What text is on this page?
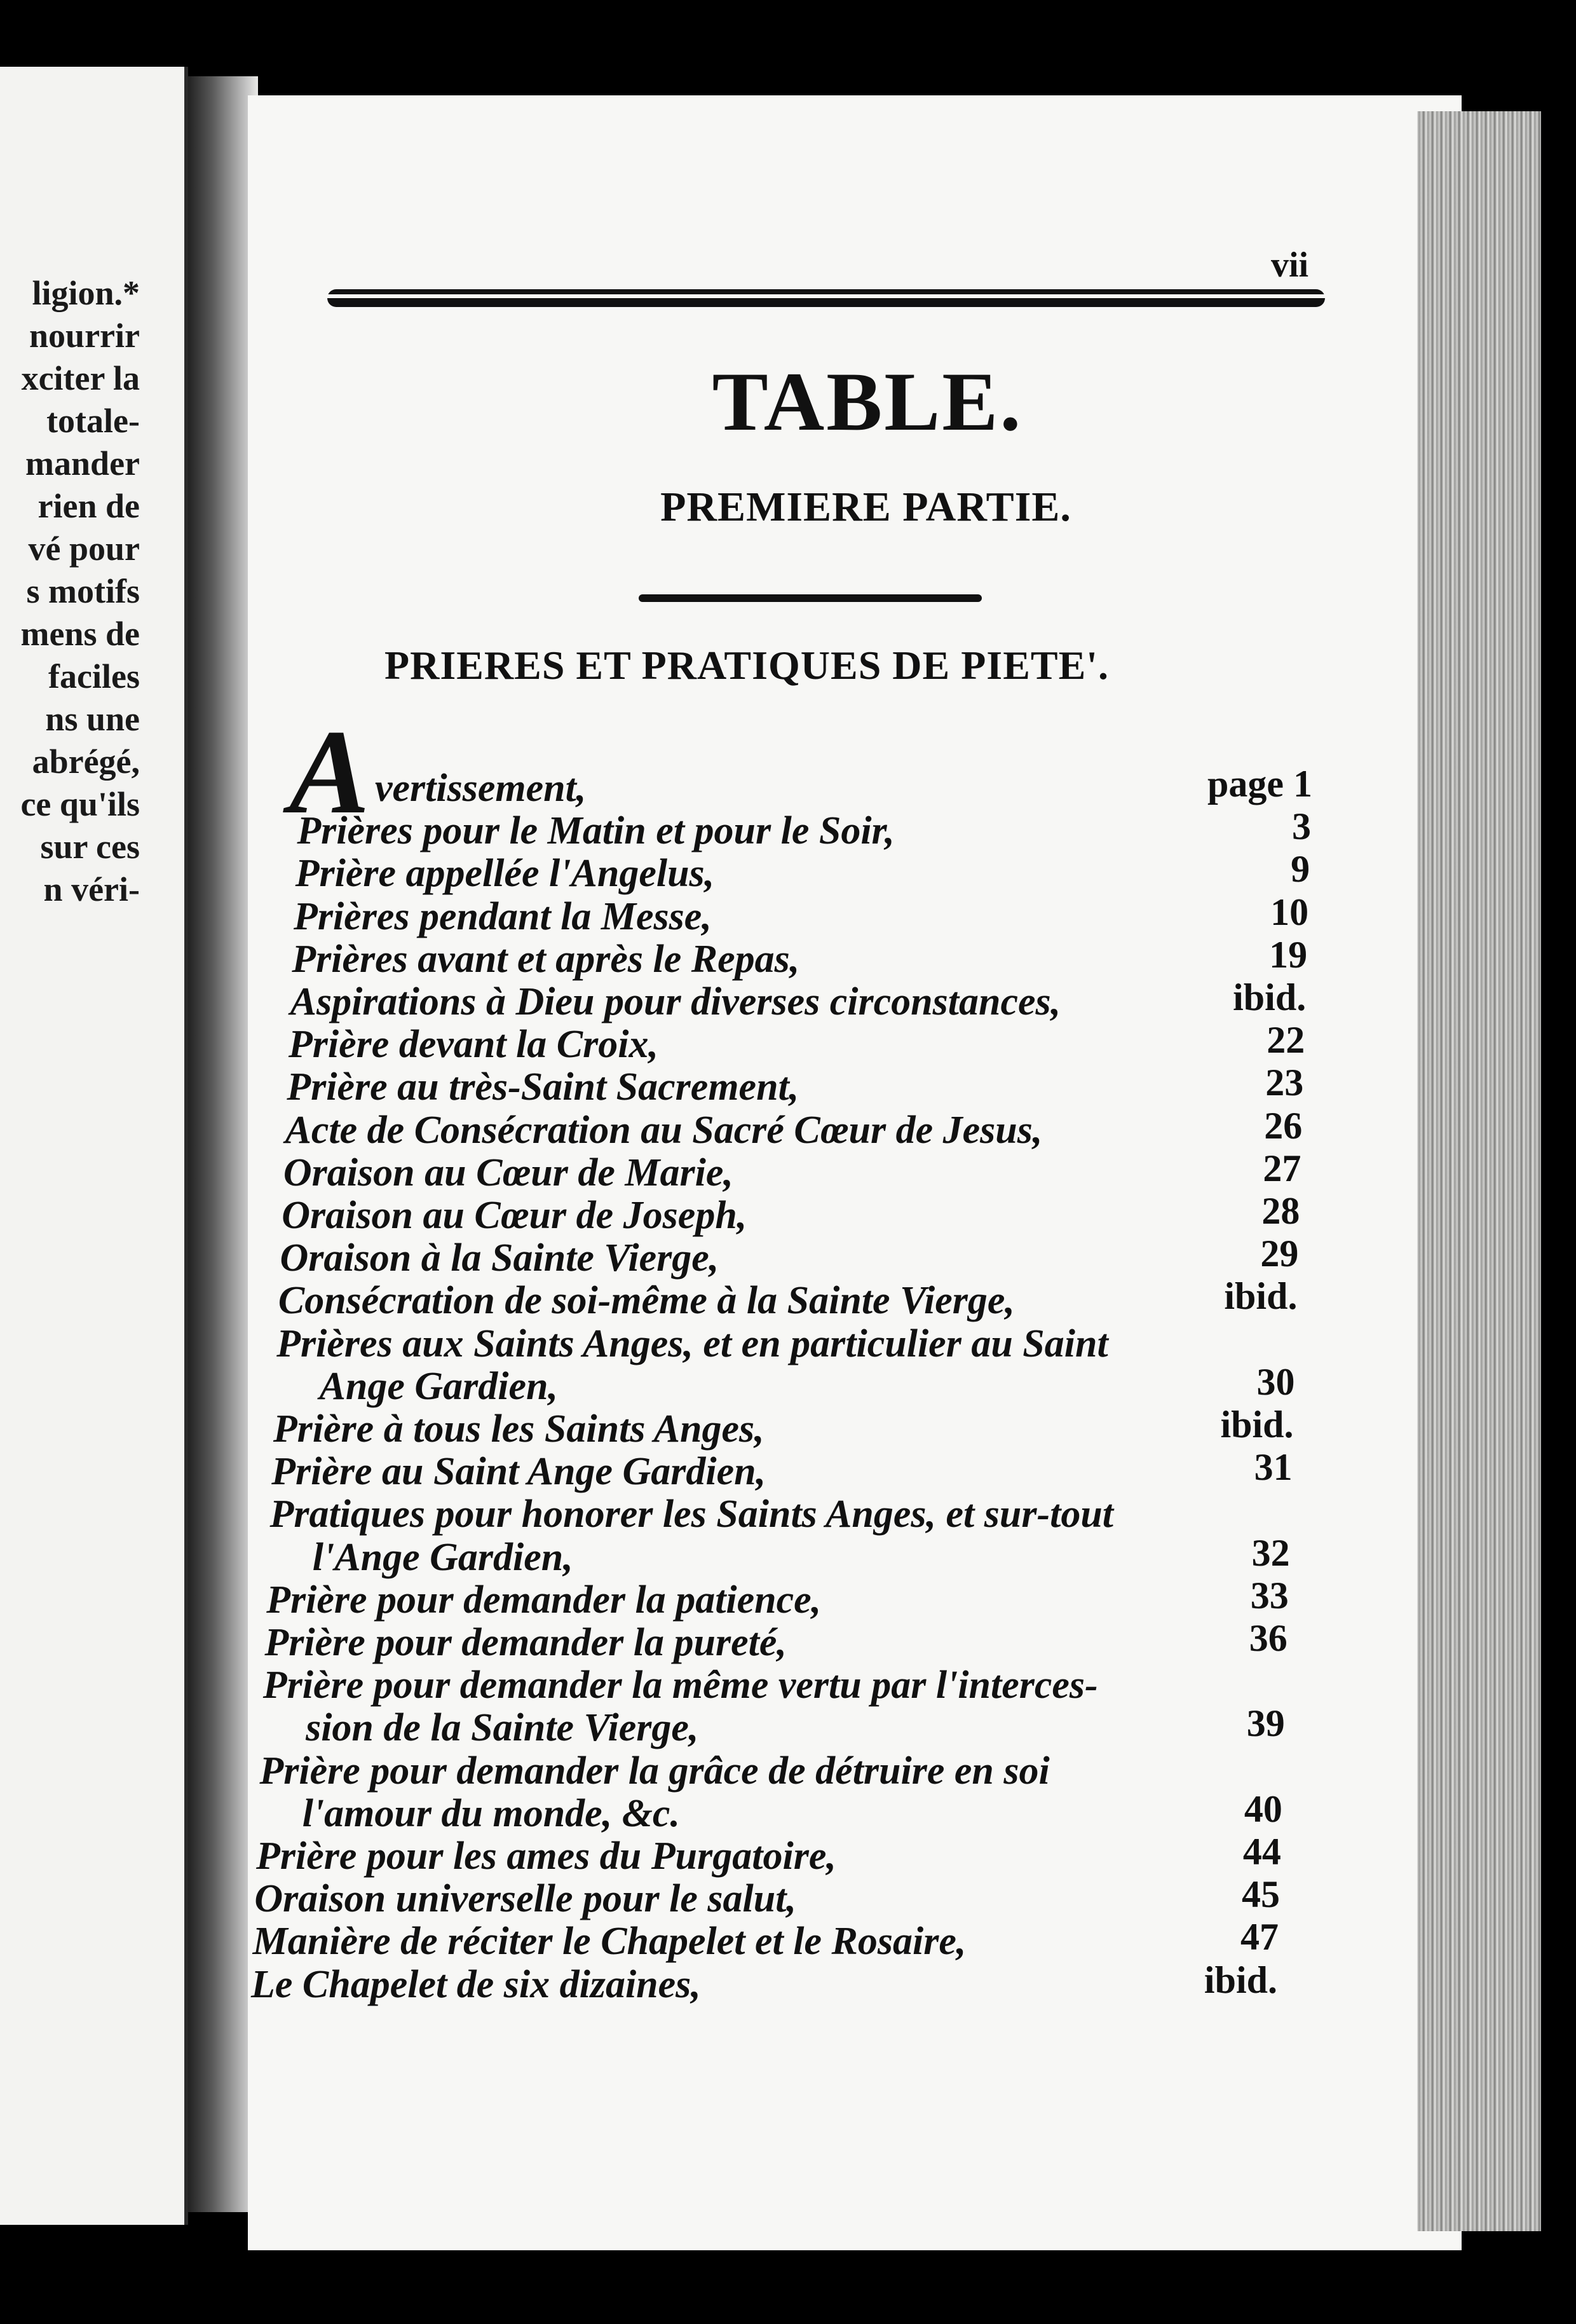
ligion.*
nourrir
xciter la
totale-
mander
rien de
vé pour
s motifs
mens de
faciles
ns une
abrégé,
ce qu'ils
sur ces
n véri-
vii
TABLE.
PREMIERE PARTIE.
PRIERES ET PRATIQUES DE PIETE'.
A vertissement,	page 1
Prières pour le Matin et pour le Soir,	3
Prière appellée l'Angelus,	9
Prières pendant la Messe,	10
Prières avant et après le Repas,	19
Aspirations à Dieu pour diverses circonstances,	ibid.
Prière devant la Croix,	22
Prière au très-Saint Sacrement,	23
Acte de Consécration au Sacré Cœur de Jesus,	26
Oraison au Cœur de Marie,	27
Oraison au Cœur de Joseph,	28
Oraison à la Sainte Vierge,	29
Consécration de soi-même à la Sainte Vierge,	ibid.
Prières aux Saints Anges, et en particulier au Saint
Ange Gardien,	30
Prière à tous les Saints Anges,	ibid.
Prière au Saint Ange Gardien,	31
Pratiques pour honorer les Saints Anges, et sur-tout
l'Ange Gardien,	32
Prière pour demander la patience,	33
Prière pour demander la pureté,	36
Prière pour demander la même vertu par l'interces-
sion de la Sainte Vierge,	39
Prière pour demander la grâce de détruire en soi
l'amour du monde, &c.	40
Prière pour les ames du Purgatoire,	44
Oraison universelle pour le salut,	45
Manière de réciter le Chapelet et le Rosaire,	47
Le Chapelet de six dizaines,	ibid.
